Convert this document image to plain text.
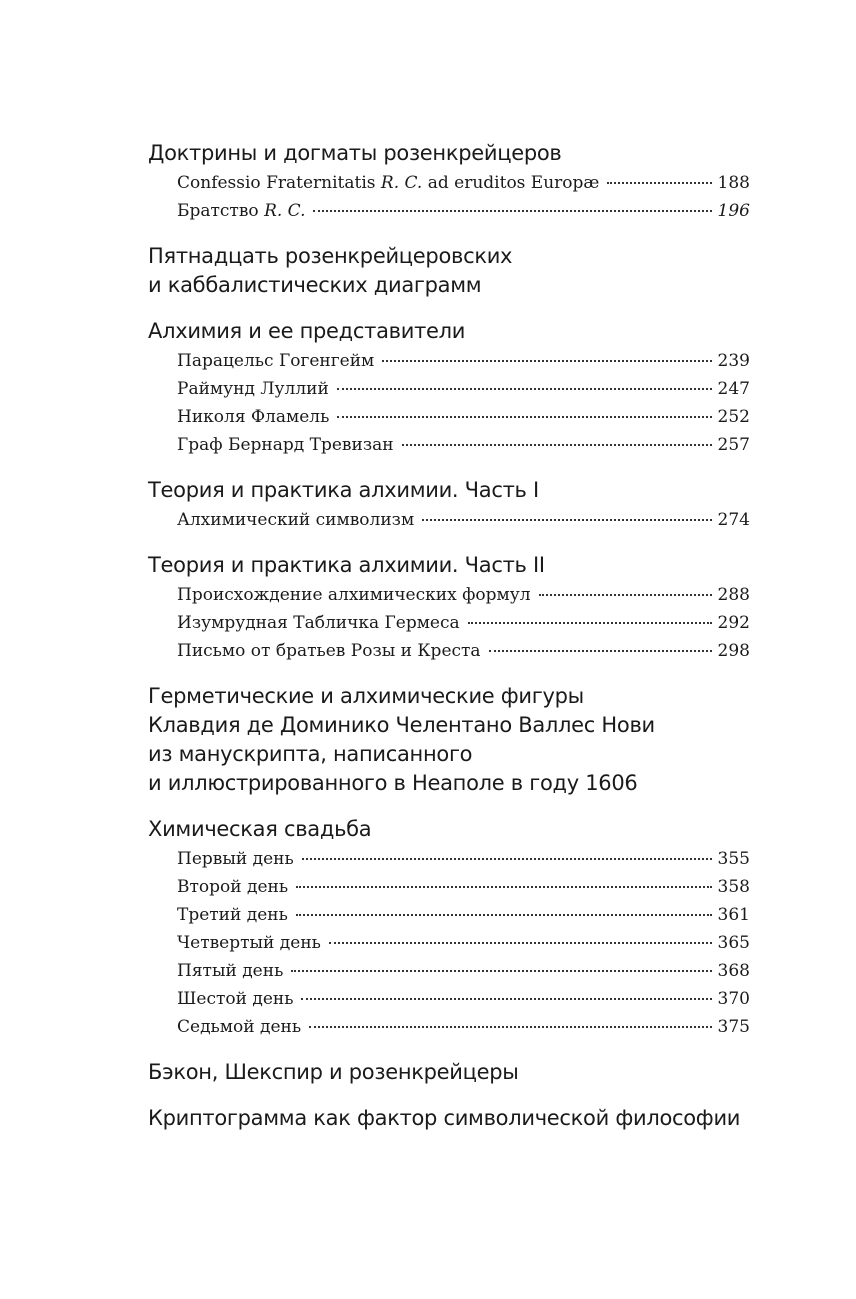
Доктрины и догматы розенкрейцеров
Confessio Fraternitatis R. C. ad eruditos Europæ	188
Братство R. C.	196
Пятнадцать розенкрейцеровских
и каббалистических диаграмм
Алхимия и ее представители
Парацельс Гогенгейм	239
Раймунд Луллий	247
Николя Фламель	252
Граф Бернард Тревизан	257
Теория и практика алхимии. Часть I
Алхимический символизм	274
Теория и практика алхимии. Часть II
Происхождение алхимических формул	288
Изумрудная Табличка Гермеса	292
Письмо от братьев Розы и Креста	298
Герметические и алхимические фигуры
Клавдия де Доминико Челентано Валлес Нови
из манускрипта, написанного
и иллюстрированного в Неаполе в году 1606
Химическая свадьба
Первый день	355
Второй день	358
Третий день	361
Четвертый день	365
Пятый день	368
Шестой день	370
Седьмой день	375
Бэкон, Шекспир и розенкрейцеры
Криптограмма как фактор символической философии
